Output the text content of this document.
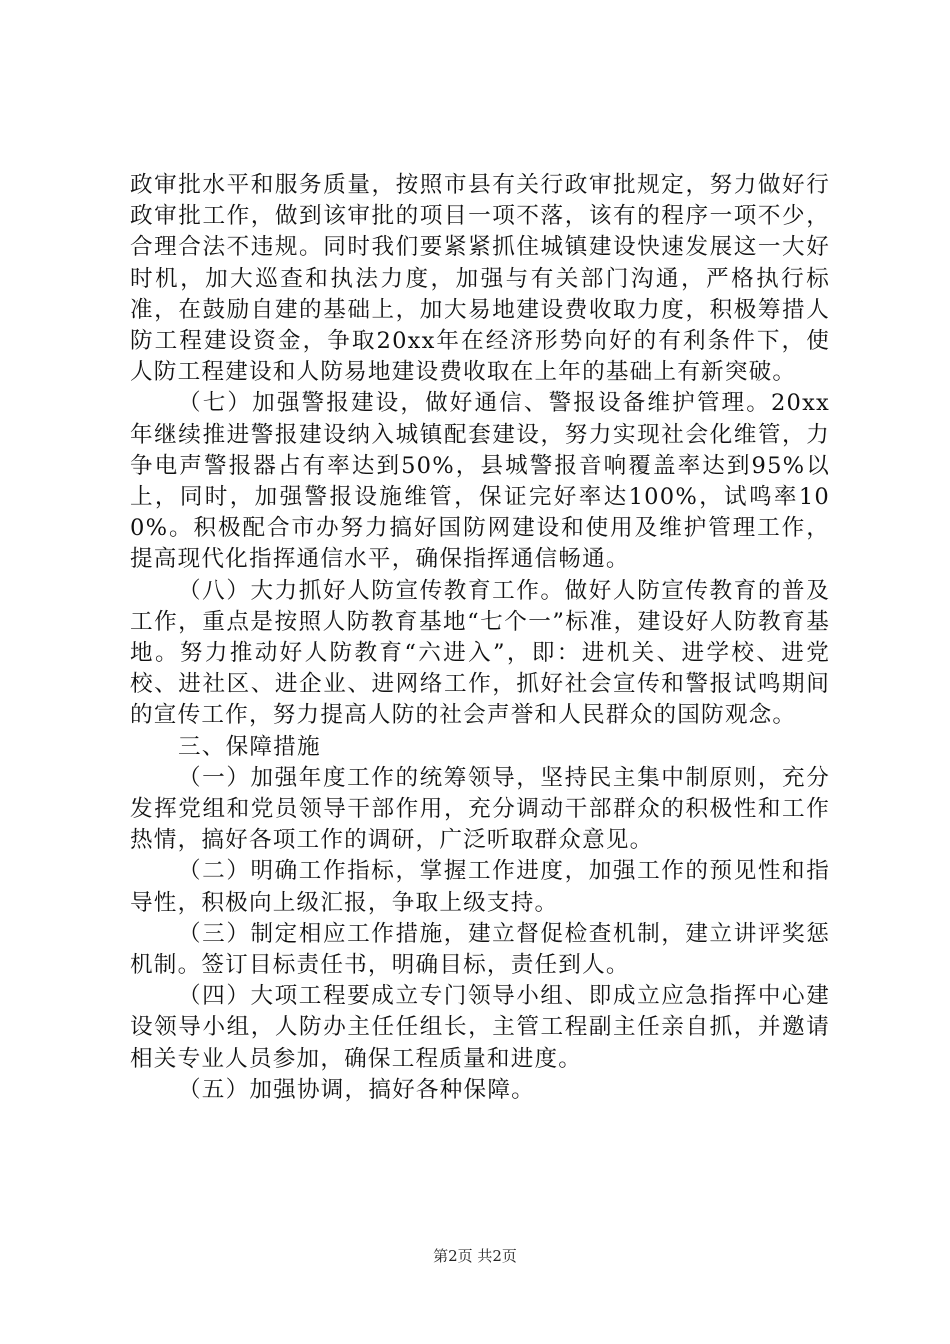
政审批水平和服务质量，按照市县有关行政审批规定，努力做好行政审批工作，做到该审批的项目一项不落，该有的程序一项不少，合理合法不违规。同时我们要紧紧抓住城镇建设快速发展这一大好时机，加大巡查和执法力度，加强与有关部门沟通，严格执行标准，在鼓励自建的基础上，加大易地建设费收取力度，积极筹措人防工程建设资金，争取20xx年在经济形势向好的有利条件下，使人防工程建设和人防易地建设费收取在上年的基础上有新突破。

（七）加强警报建设，做好通信、警报设备维护管理。20xx年继续推进警报建设纳入城镇配套建设，努力实现社会化维管，力争电声警报器占有率达到50%，县城警报音响覆盖率达到95%以上，同时，加强警报设施维管，保证完好率达100%，试鸣率100%。积极配合市办努力搞好国防网建设和使用及维护管理工作，提高现代化指挥通信水平，确保指挥通信畅通。

（八）大力抓好人防宣传教育工作。做好人防宣传教育的普及工作，重点是按照人防教育基地“七个一”标准，建设好人防教育基地。努力推动好人防教育“六进入”，即：进机关、进学校、进党校、进社区、进企业、进网络工作，抓好社会宣传和警报试鸣期间的宣传工作，努力提高人防的社会声誉和人民群众的国防观念。

三、保障措施

（一）加强年度工作的统筹领导，坚持民主集中制原则，充分发挥党组和党员领导干部作用，充分调动干部群众的积极性和工作热情，搞好各项工作的调研，广泛听取群众意见。

（二）明确工作指标，掌握工作进度，加强工作的预见性和指导性，积极向上级汇报，争取上级支持。

（三）制定相应工作措施，建立督促检查机制，建立讲评奖惩机制。签订目标责任书，明确目标，责任到人。

（四）大项工程要成立专门领导小组、即成立应急指挥中心建设领导小组，人防办主任任组长，主管工程副主任亲自抓，并邀请相关专业人员参加，确保工程质量和进度。

（五）加强协调，搞好各种保障。

第2页 共2页
